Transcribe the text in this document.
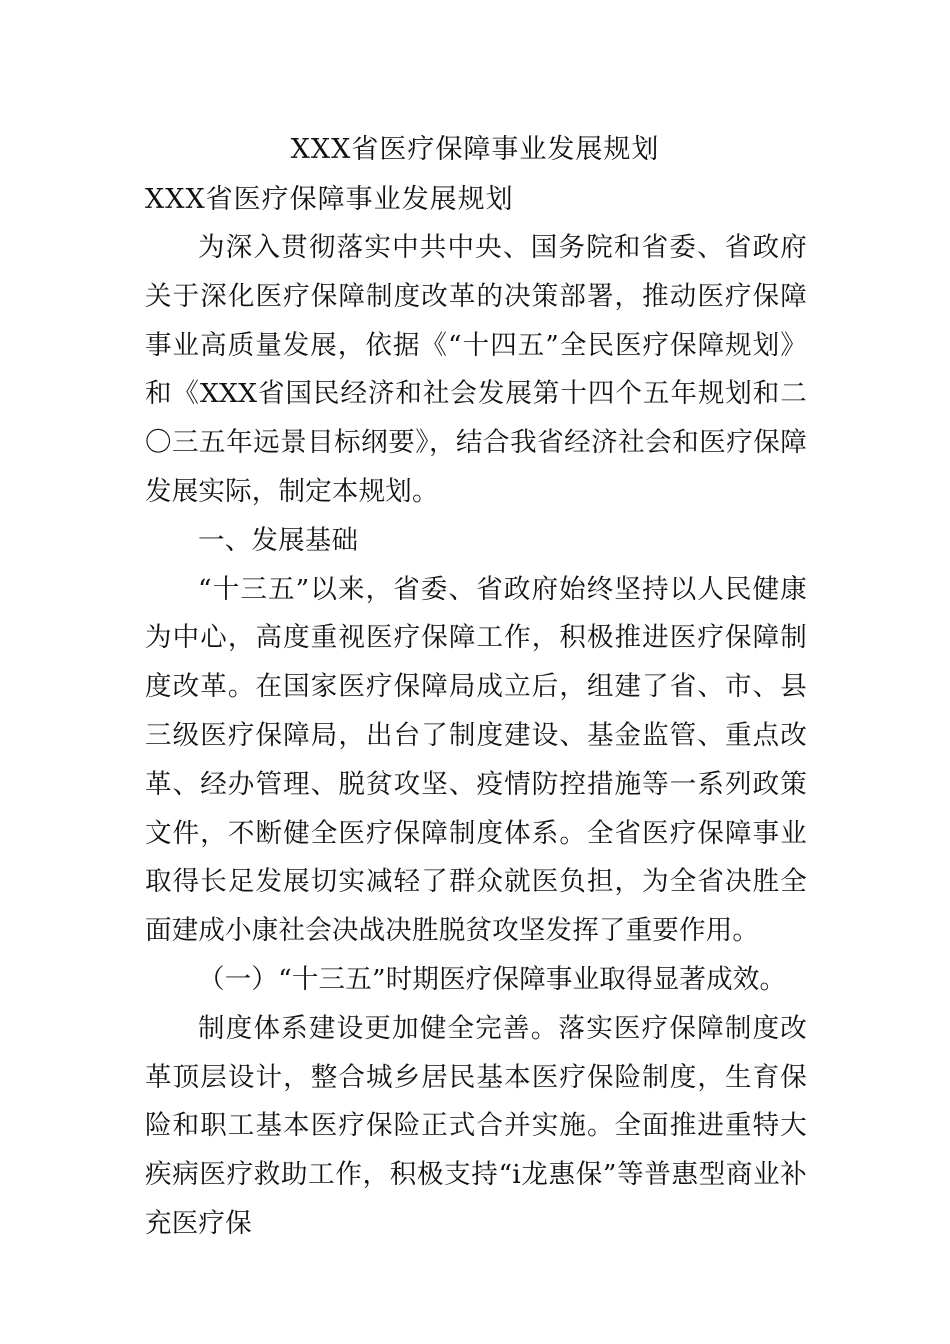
XXX省医疗保障事业发展规划
XXX省医疗保障事业发展规划

为深入贯彻落实中共中央、国务院和省委、省政府关于深化医疗保障制度改革的决策部署，推动医疗保障事业高质量发展，依据《“十四五”全民医疗保障规划》和《XXX省国民经济和社会发展第十四个五年规划和二〇三五年远景目标纲要》，结合我省经济社会和医疗保障发展实际，制定本规划。

一、发展基础

“十三五”以来，省委、省政府始终坚持以人民健康为中心，高度重视医疗保障工作，积极推进医疗保障制度改革。在国家医疗保障局成立后，组建了省、市、县三级医疗保障局，出台了制度建设、基金监管、重点改革、经办管理、脱贫攻坚、疫情防控措施等一系列政策文件，不断健全医疗保障制度体系。全省医疗保障事业取得长足发展切实减轻了群众就医负担，为全省决胜全面建成小康社会决战决胜脱贫攻坚发挥了重要作用。

（一）“十三五”时期医疗保障事业取得显著成效。

制度体系建设更加健全完善。落实医疗保障制度改革顶层设计，整合城乡居民基本医疗保险制度，生育保险和职工基本医疗保险正式合并实施。全面推进重特大疾病医疗救助工作，积极支持“i龙惠保”等普惠型商业补充医疗保
